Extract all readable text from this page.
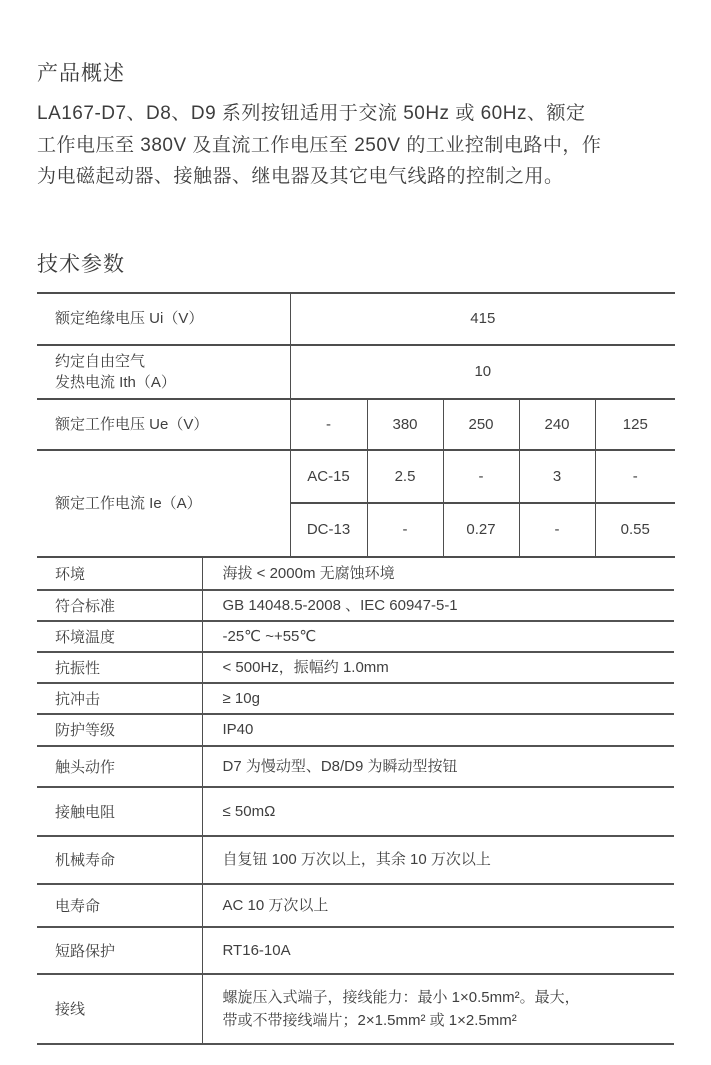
产品概述
LA167-D7、D8、D9 系列按钮适用于交流 50Hz 或 60Hz、额定
工作电压至 380V 及直流工作电压至 250V 的工业控制电路中，作
为电磁起动器、接触器、继电器及其它电气线路的控制之用。
技术参数
额定绝缘电压 Ui（V）	415				
约定自由空气
发热电流 Ith（A）	10				
额定工作电压 Ue（V）	-	380	250	240	125
额定工作电流 Ie（A）	AC-15	2.5	-	3	-
	DC-13	-	0.27	-	0.55
环境	海拔 < 2000m 无腐蚀环境
符合标准	GB 14048.5-2008 、IEC 60947-5-1
环境温度	-25℃ ~+55℃
抗振性	< 500Hz，振幅约 1.0mm
抗冲击	≥ 10g
防护等级	IP40
触头动作	D7 为慢动型、D8/D9 为瞬动型按钮
接触电阻	≤ 50mΩ
机械寿命	自复钮 100 万次以上，其余 10 万次以上
电寿命	AC 10 万次以上
短路保护	RT16-10A
接线	螺旋压入式端子，接线能力：最小 1×0.5mm²。最大，
带或不带接线端片；2×1.5mm² 或 1×2.5mm²
